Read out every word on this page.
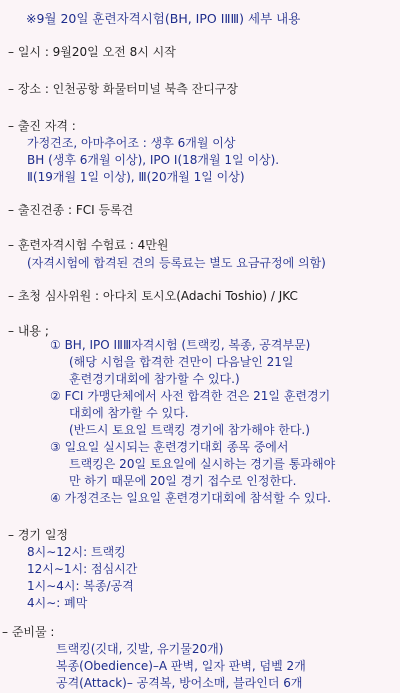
※9월 20일 훈련자격시험(BH, IPO ⅠⅡⅢ) 세부 내용
– 일시 : 9월20일 오전 8시 시작
– 장소 : 인천공항 화물터미널 북측 잔디구장
– 출진 자격 :
가정견조, 아마추어조 : 생후 6개월 이상
BH (생후 6개월 이상), IPO Ⅰ(18개월 1일 이상).
Ⅱ(19개월 1일 이상), Ⅲ(20개월 1일 이상)
– 출진견종 : FCI 등록견
– 훈련자격시험 수험료 : 4만원
(자격시험에 합격된 견의 등록료는 별도 요금규정에 의함)
– 초청 심사위원 : 아다치 토시오(Adachi Toshio) / JKC
– 내용 ;
① BH, IPO ⅠⅡⅢ자격시험 (트랙킹, 복종, 공격부문)
(해당 시험을 합격한 견만이 다음날인 21일
훈련경기대회에 참가할 수 있다.)
② FCI 가맹단체에서 사전 합격한 견은 21일 훈련경기
대회에 참가할 수 있다.
(반드시 토요일 트랙킹 경기에 참가해야 한다.)
③ 일요일 실시되는 훈련경기대회 종목 중에서
트랙킹은 20일 토요일에 실시하는 경기를 통과해야
만 하기 때문에 20일 경기 접수로 인정한다.
④ 가정견조는 일요일 훈련경기대회에 참석할 수 있다.
– 경기 일정
8시∼12시: 트랙킹
12시∼1시: 점심시간
1시∼4시: 복종/공격
4시∼: 폐막
– 준비물 :
트랙킹(깃대, 깃발, 유기물20개)
복종(Obedience)–A 판벽, 일자 판벽, 덤벨 2개
공격(Attack)– 공격복, 방어소매, 블라인더 6개
